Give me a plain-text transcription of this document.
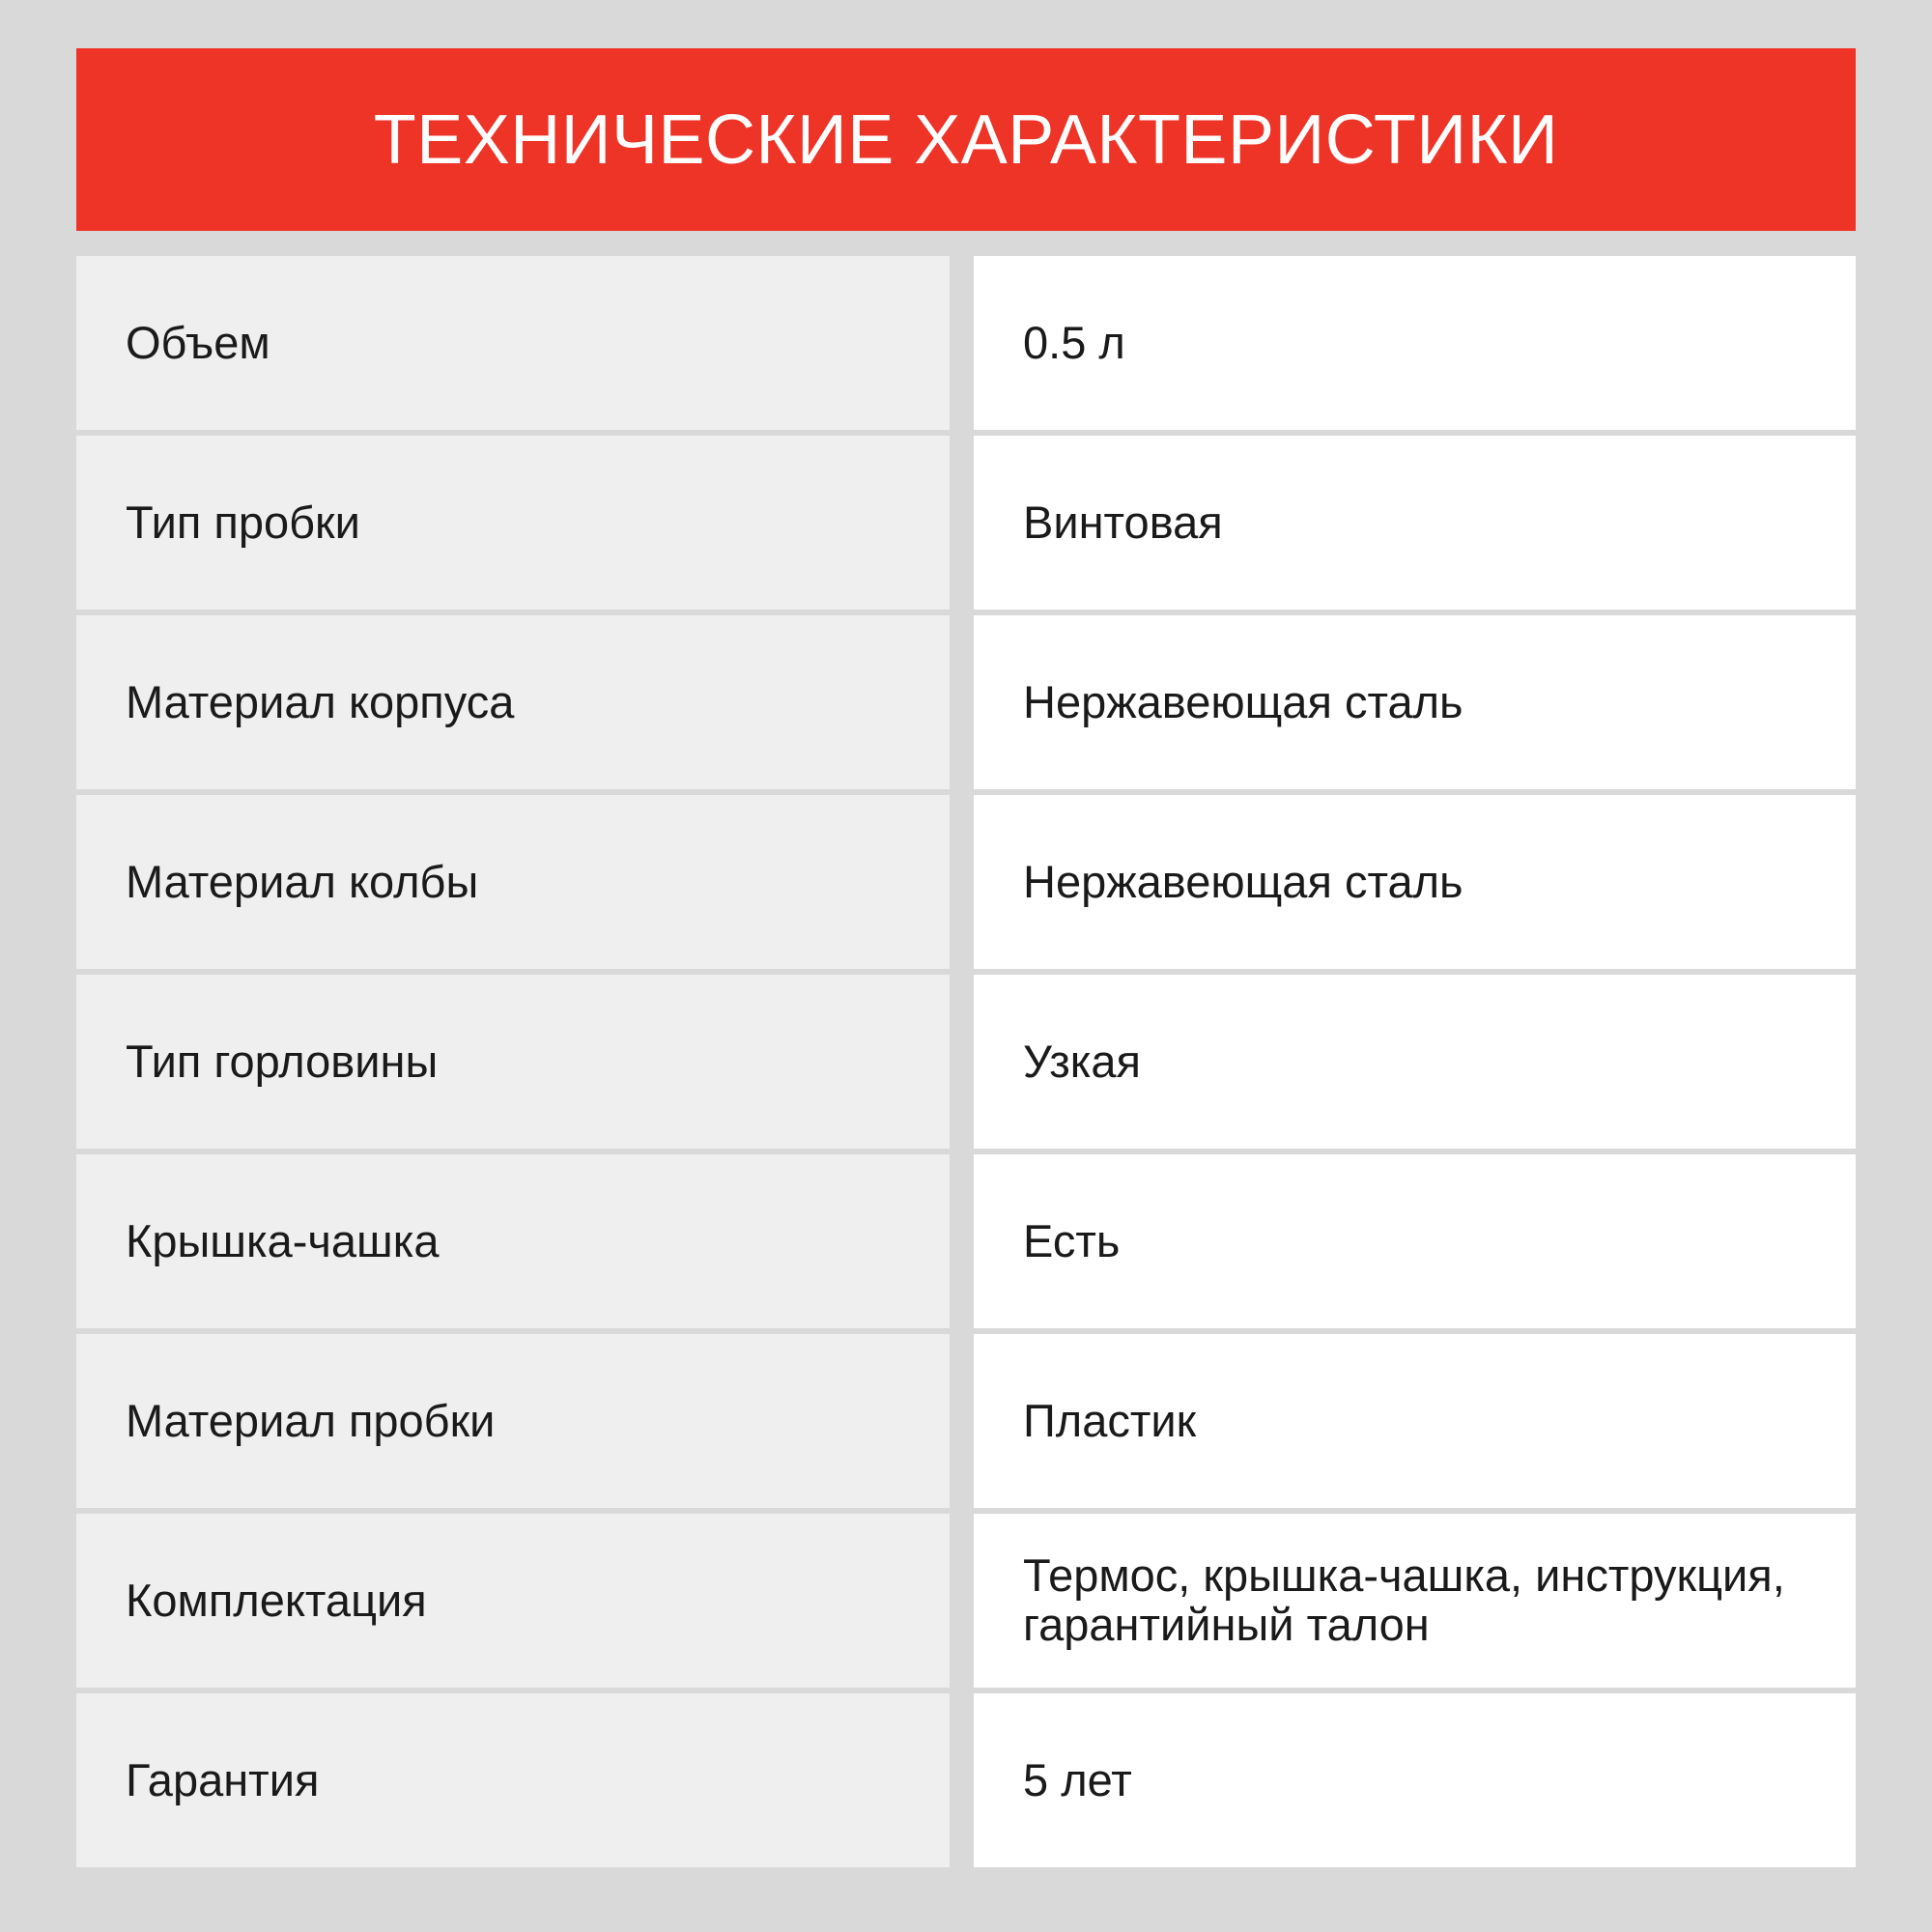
ТЕХНИЧЕСКИЕ ХАРАКТЕРИСТИКИ
Объем	0.5 л
Тип пробки	Винтовая
Материал корпуса	Нержавеющая сталь
Материал колбы	Нержавеющая сталь
Тип горловины	Узкая
Крышка-чашка	Есть
Материал пробки	Пластик
Комплектация	Термос, крышка-чашка, инструкция, гарантийный талон
Гарантия	5 лет
